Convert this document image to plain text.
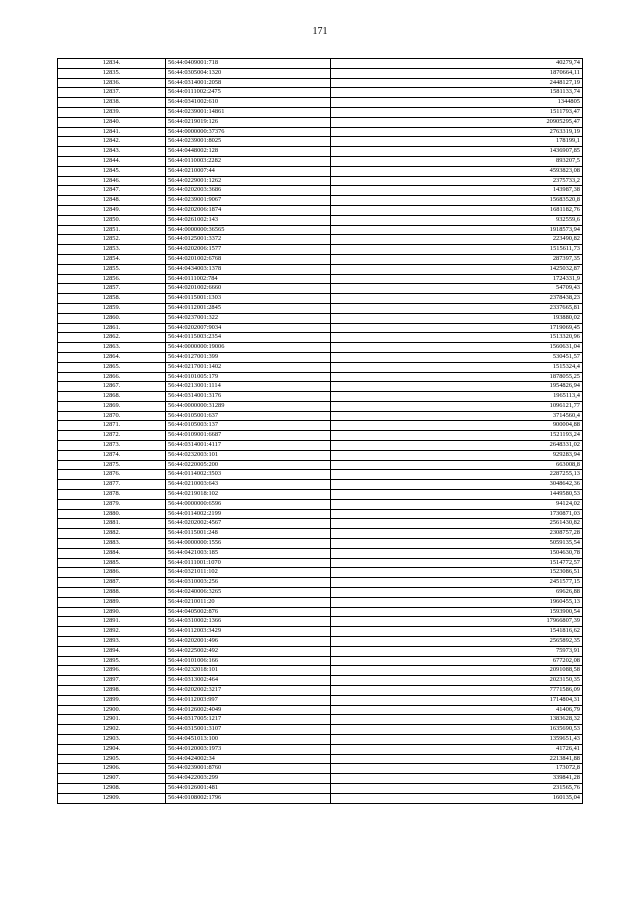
171
12834.	56:44:0409001:718	40279,74
12835.	56:44:0305004:1320	1870664,11
12836.	56:44:0314001:2058	2448127,19
12837.	56:44:0111002:2475	1581133,74
12838.	56:44:0341002:610	1344805
12839.	56:44:0239001:14861	1511793,47
12840.	56:44:0219019:126	20905295,47
12841.	56:44:0000000:37376	2763319,19
12842.	56:44:0239001:8025	178199,1
12843.	56:44:0448002:128	1436907,85
12844.	56:44:0110003:2282	893207,5
12845.	56:44:0210007:44	4593823,08
12846.	56:44:0229001:1262	2375733,2
12847.	56:44:0202003:3686	143987,38
12848.	56:44:0239001:9067	15683520,8
12849.	56:44:0202006:1874	1681182,76
12850.	56:44:0261002:143	932559,6
12851.	56:44:0000000:36565	1918573,94
12852.	56:44:0125001:3372	223490,82
12853.	56:44:0202006:1577	1515611,73
12854.	56:44:0201002:6768	287397,35
12855.	56:44:0434003:1378	1425032,87
12856.	56:44:0111002:784	1724331,9
12857.	56:44:0201002:6660	54709,43
12858.	56:44:0115001:1303	2378438,23
12859.	56:44:0112001:2845	2337665,81
12860.	56:44:0237001:322	193880,02
12861.	56:44:0202007:9034	1719069,45
12862.	56:44:0115003:2354	1513320,96
12863.	56:44:0000000:19006	1560631,04
12864.	56:44:0127001:399	530451,57
12865.	56:44:0217001:1402	1515324,4
12866.	56:44:0101005:179	1878055,25
12867.	56:44:0213001:1114	1954826,94
12868.	56:44:0314001:3176	1965113,4
12869.	56:44:0000000:31289	1096121,77
12870.	56:44:0105001:637	3714560,4
12871.	56:44:0105003:137	900004,88
12872.	56:44:0109001:6687	1521193,24
12873.	56:44:0314001:4117	2648331,02
12874.	56:44:0232003:101	929283,94
12875.	56:44:0220005:200	663008,8
12876.	56:44:0114002:3503	2287255,13
12877.	56:44:0210003:643	3048642,36
12878.	56:44:0219018:102	1449580,53
12879.	56:44:0000000:6596	94124,02
12880.	56:44:0114002:2199	1730871,03
12881.	56:44:0202002:4567	2561430,82
12882.	56:44:0115001:248	2308757,28
12883.	56:44:0000000:1556	5059135,54
12884.	56:44:0421003:185	1504630,78
12885.	56:44:0111001:1070	1514772,57
12886.	56:44:0321011:102	1523086,51
12887.	56:44:0310003:256	2451577,15
12888.	56:44:0240006:3265	69626,88
12889.	56:44:0210011:20	1960455,13
12890.	56:44:0405002:876	1593900,54
12891.	56:44:0310002:1366	17966807,39
12892.	56:44:0112003:3429	1541816,62
12893.	56:44:0202001:496	2565892,35
12894.	56:44:0225002:492	75973,91
12895.	56:44:0101006:166	677202,08
12896.	56:44:0232018:101	2091088,58
12897.	56:44:0313002:464	2023150,35
12898.	56:44:0202002:3217	7771586,09
12899.	56:44:0112003:997	1714804,31
12900.	56:44:0126002:4049	41406,79
12901.	56:44:0317005:1217	1383628,32
12902.	56:44:0315001:3107	1635690,53
12903.	56:44:0451013:100	1359651,43
12904.	56:44:0120003:1973	41726,41
12905.	56:44:0424002:34	2213841,88
12906.	56:44:0239001:8760	173072,8
12907.	56:44:0422003:299	339841,28
12908.	56:44:0126001:481	231565,76
12909.	56:44:0108002:1796	160135,04
